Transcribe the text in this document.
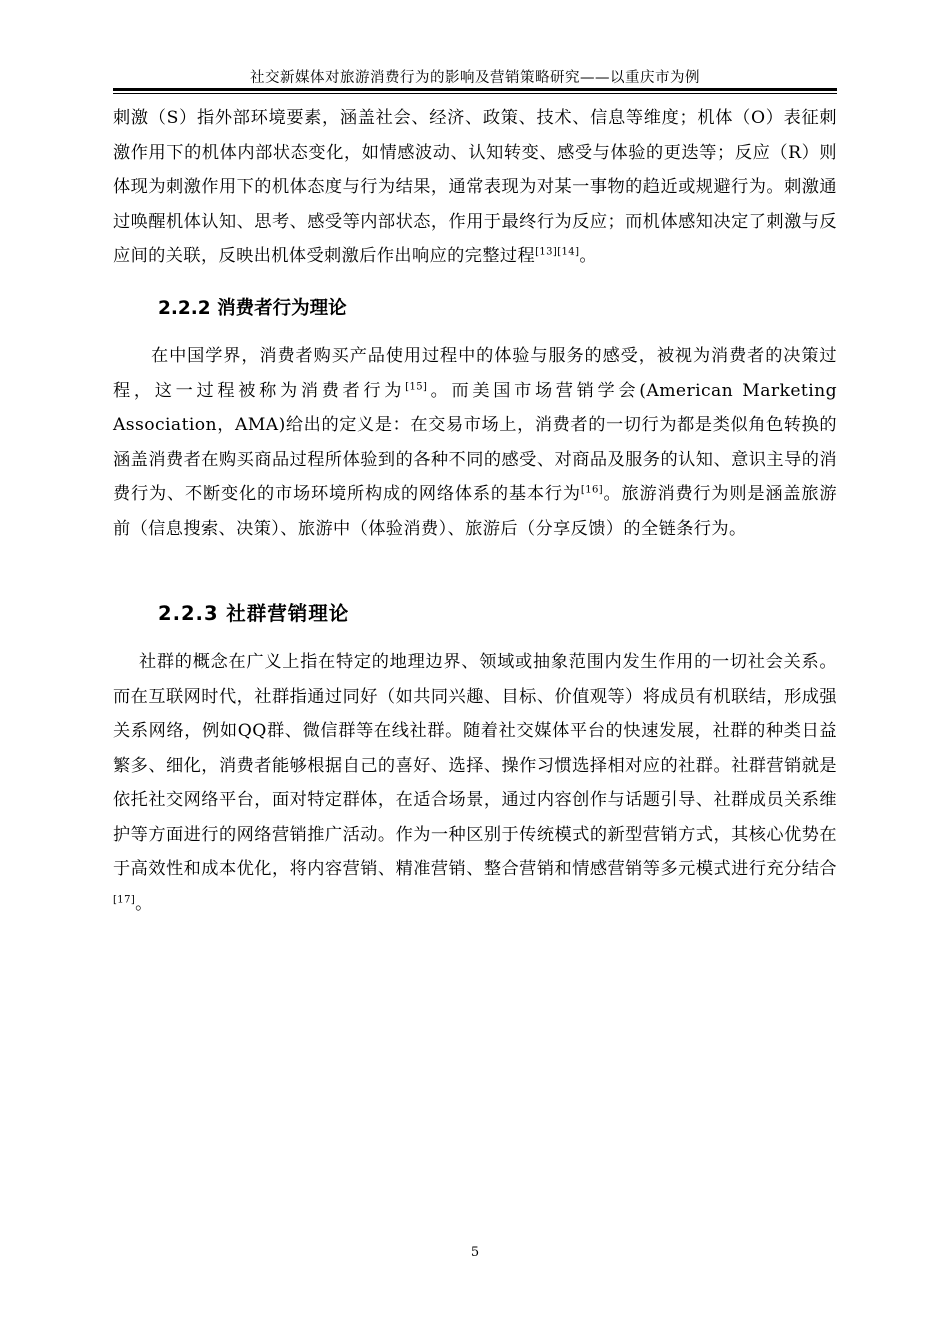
社交新媒体对旅游消费行为的影响及营销策略研究——以重庆市为例

刺激（S）指外部环境要素，涵盖社会、经济、政策、技术、信息等维度；机体（O）表征刺激作用下的机体内部状态变化，如情感波动、认知转变、感受与体验的更迭等；反应（R）则体现为刺激作用下的机体态度与行为结果，通常表现为对某一事物的趋近或规避行为。刺激通过唤醒机体认知、思考、感受等内部状态，作用于最终行为反应；而机体感知决定了刺激与反应间的关联，反映出机体受刺激后作出响应的完整过程[13][14]。

2.2.2 消费者行为理论

在中国学界，消费者购买产品使用过程中的体验与服务的感受，被视为消费者的决策过程，这一过程被称为消费者行为[15]。而美国市场营销学会(American Marketing Association，AMA)给出的定义是：在交易市场上，消费者的一切行为都是类似角色转换的涵盖消费者在购买商品过程所体验到的各种不同的感受、对商品及服务的认知、意识主导的消费行为、不断变化的市场环境所构成的网络体系的基本行为[16]。旅游消费行为则是涵盖旅游前（信息搜索、决策）、旅游中（体验消费）、旅游后（分享反馈）的全链条行为。

2.2.3 社群营销理论

社群的概念在广义上指在特定的地理边界、领域或抽象范围内发生作用的一切社会关系。而在互联网时代，社群指通过同好（如共同兴趣、目标、价值观等）将成员有机联结，形成强关系网络，例如QQ群、微信群等在线社群。随着社交媒体平台的快速发展，社群的种类日益繁多、细化，消费者能够根据自己的喜好、选择、操作习惯选择相对应的社群。社群营销就是依托社交网络平台，面对特定群体，在适合场景，通过内容创作与话题引导、社群成员关系维护等方面进行的网络营销推广活动。作为一种区别于传统模式的新型营销方式，其核心优势在于高效性和成本优化，将内容营销、精准营销、整合营销和情感营销等多元模式进行充分结合[17]。

5
